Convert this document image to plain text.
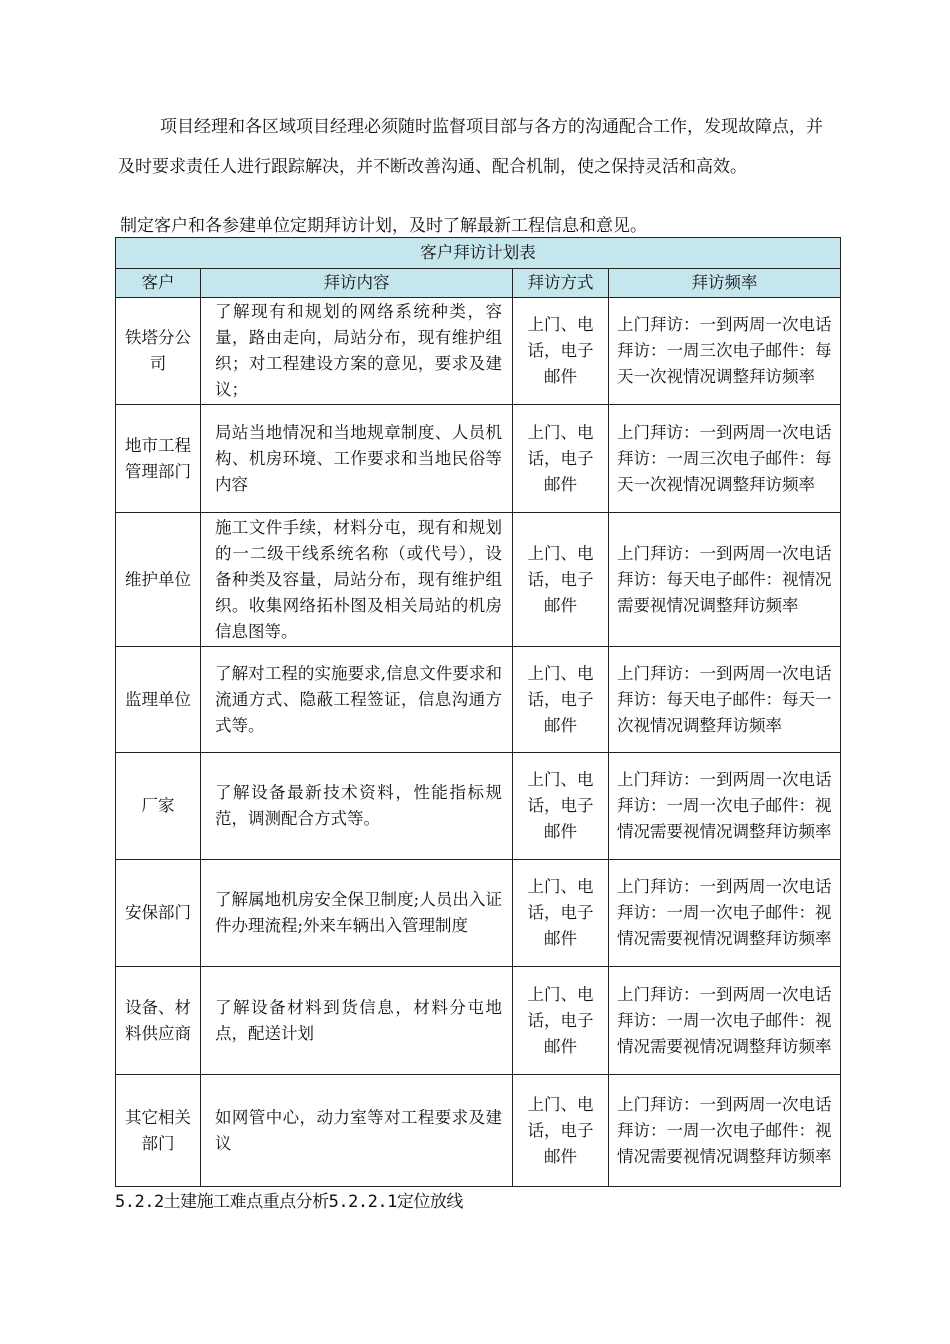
项目经理和各区域项目经理必须随时监督项目部与各方的沟通配合工作，发现故障点，并及时要求责任人进行跟踪解决，并不断改善沟通、配合机制，使之保持灵活和高效。

制定客户和各参建单位定期拜访计划，及时了解最新工程信息和意见。
客户拜访计划表			
客户	拜访内容	拜访方式	拜访频率
铁塔分公司	了解现有和规划的网络系统种类，容量，路由走向，局站分布，现有维护组织；对工程建设方案的意见，要求及建议；	上门、电话，电子邮件	上门拜访：一到两周一次电话拜访：一周三次电子邮件：每天一次视情况调整拜访频率
地市工程管理部门	局站当地情况和当地规章制度、人员机构、机房环境、工作要求和当地民俗等内容	上门、电话，电子邮件	上门拜访：一到两周一次电话拜访：一周三次电子邮件：每天一次视情况调整拜访频率
维护单位	施工文件手续，材料分屯，现有和规划的一二级干线系统名称（或代号），设备种类及容量，局站分布，现有维护组织。收集网络拓朴图及相关局站的机房信息图等。	上门、电话，电子邮件	上门拜访：一到两周一次电话拜访：每天电子邮件：视情况需要视情况调整拜访频率
监理单位	了解对工程的实施要求,信息文件要求和流通方式、隐蔽工程签证，信息沟通方式等。	上门、电话，电子邮件	上门拜访：一到两周一次电话拜访：每天电子邮件：每天一次视情况调整拜访频率
厂家	了解设备最新技术资料，性能指标规范，调测配合方式等。	上门、电话，电子邮件	上门拜访：一到两周一次电话拜访：一周一次电子邮件：视情况需要视情况调整拜访频率
安保部门	了解属地机房安全保卫制度;人员出入证件办理流程;外来车辆出入管理制度	上门、电话，电子邮件	上门拜访：一到两周一次电话拜访：一周一次电子邮件：视情况需要视情况调整拜访频率
设备、材料供应商	了解设备材料到货信息，材料分屯地点，配送计划	上门、电话，电子邮件	上门拜访：一到两周一次电话拜访：一周一次电子邮件：视情况需要视情况调整拜访频率
其它相关部门	如网管中心，动力室等对工程要求及建议	上门、电话，电子邮件	上门拜访：一到两周一次电话拜访：一周一次电子邮件：视情况需要视情况调整拜访频率
5.2.2土建施工难点重点分析5.2.2.1定位放线
